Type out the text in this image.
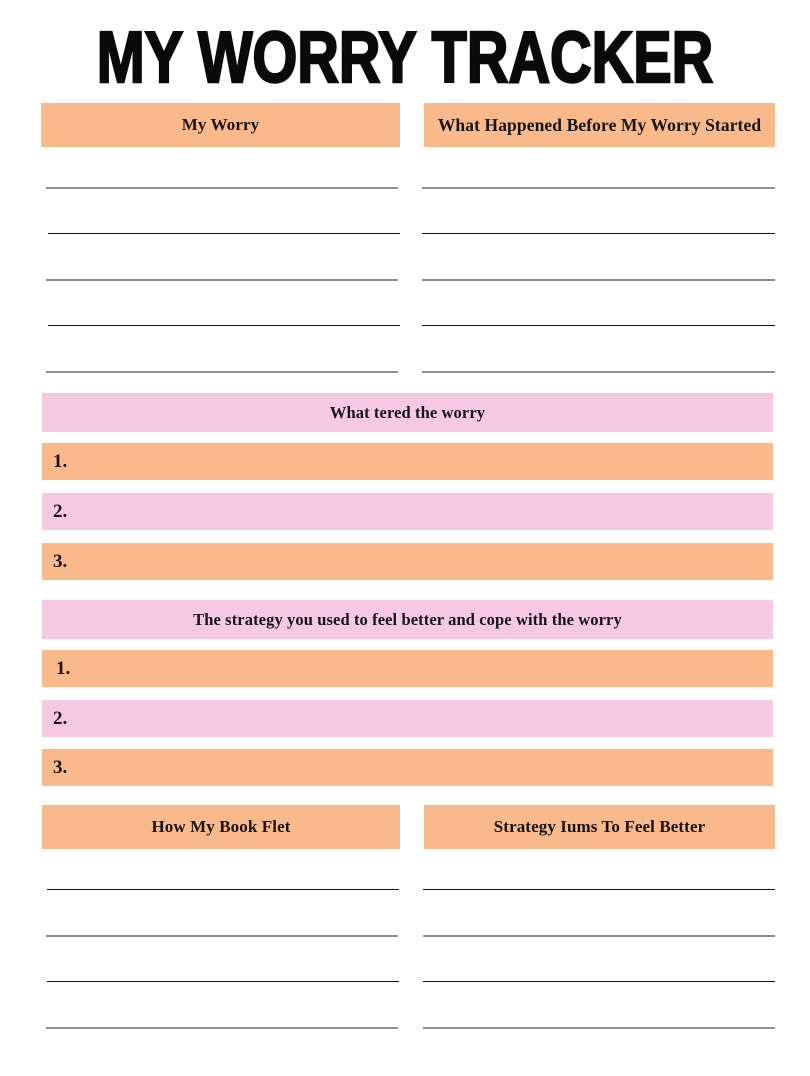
MY WORRY TRACKER
My Worry	What Happened Before My Worry Started
What tered the worry
1.
2.
3.
The strategy you used to feel better and cope with the worry
1.
2.
3.
How My Book Flet	Strategy Iums To Feel Better
